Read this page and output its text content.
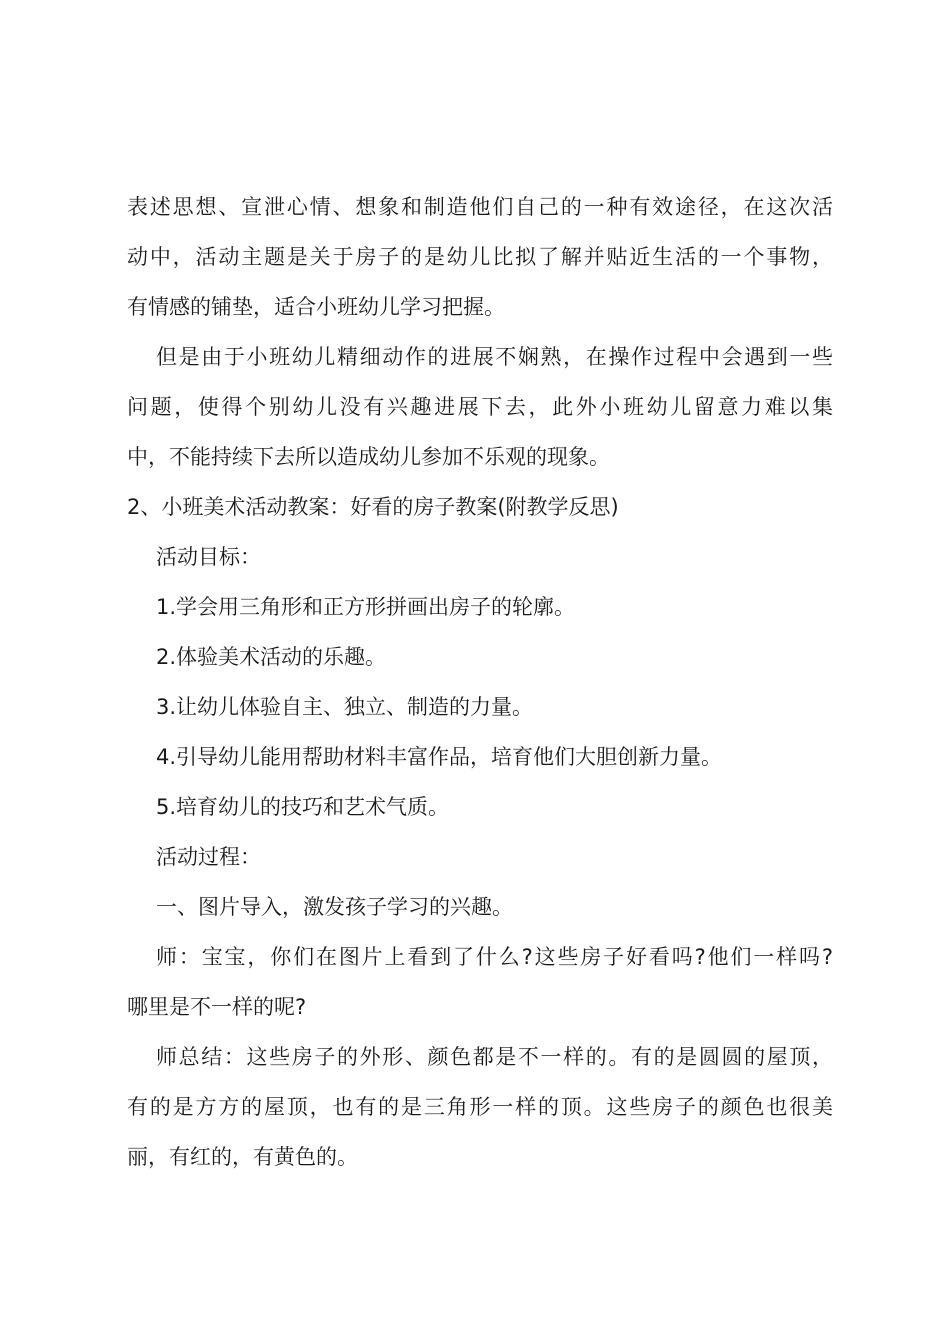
表述思想、宣泄心情、想象和制造他们自己的一种有效途径，在这次活
动中，活动主题是关于房子的是幼儿比拟了解并贴近生活的一个事物，
有情感的铺垫，适合小班幼儿学习把握。
但是由于小班幼儿精细动作的进展不娴熟，在操作过程中会遇到一些
问题，使得个别幼儿没有兴趣进展下去，此外小班幼儿留意力难以集
中，不能持续下去所以造成幼儿参加不乐观的现象。
2、小班美术活动教案：好看的房子教案(附教学反思)
活动目标：
1.学会用三角形和正方形拼画出房子的轮廓。
2.体验美术活动的乐趣。
3.让幼儿体验自主、独立、制造的力量。
4.引导幼儿能用帮助材料丰富作品，培育他们大胆创新力量。
5.培育幼儿的技巧和艺术气质。
活动过程：
一、图片导入，激发孩子学习的兴趣。
师：宝宝，你们在图片上看到了什么?这些房子好看吗?他们一样吗?
哪里是不一样的呢?
师总结：这些房子的外形、颜色都是不一样的。有的是圆圆的屋顶，
有的是方方的屋顶，也有的是三角形一样的顶。这些房子的颜色也很美
丽，有红的，有黄色的。
